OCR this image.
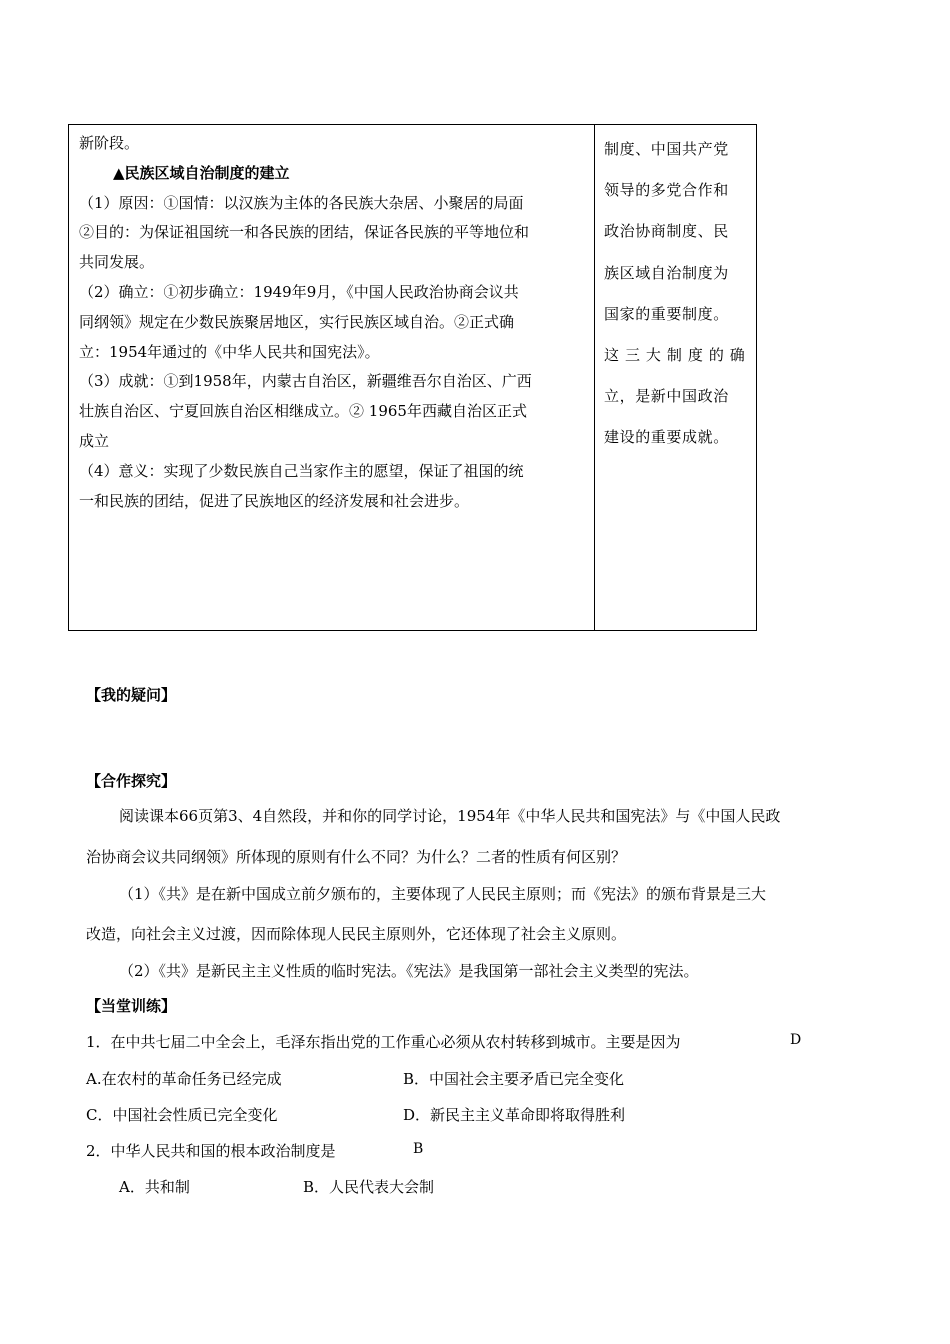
新阶段。
▲民族区域自治制度的建立
（1）原因：①国情：以汉族为主体的各民族大杂居、小聚居的局面
②目的：为保证祖国统一和各民族的团结，保证各民族的平等地位和
共同发展。
（2）确立：①初步确立：1949年9月，《中国人民政治协商会议共
同纲领》规定在少数民族聚居地区，实行民族区域自治。②正式确
立：1954年通过的《中华人民共和国宪法》。
（3）成就：①到1958年，内蒙古自治区，新疆维吾尔自治区、广西
壮族自治区、宁夏回族自治区相继成立。② 1965年西藏自治区正式
成立
（4）意义：实现了少数民族自己当家作主的愿望，保证了祖国的统
一和民族的团结，促进了民族地区的经济发展和社会进步。
制度、中国共产党
领导的多党合作和
政治协商制度、民
族区域自治制度为
国家的重要制度。
这 三 大 制 度 的 确
立，是新中国政治
建设的重要成就。
【我的疑问】
【合作探究】
阅读课本66页第3、4自然段，并和你的同学讨论，1954年《中华人民共和国宪法》与《中国人民政
治协商会议共同纲领》所体现的原则有什么不同？为什么？二者的性质有何区别？
（1）《共》是在新中国成立前夕颁布的，主要体现了人民民主原则；而《宪法》的颁布背景是三大
改造，向社会主义过渡，因而除体现人民民主原则外，它还体现了社会主义原则。
（2）《共》是新民主主义性质的临时宪法。《宪法》是我国第一部社会主义类型的宪法。
【当堂训练】
1．在中共七届二中全会上，毛泽东指出党的工作重心必须从农村转移到城市。主要是因为	D
A.在农村的革命任务已经完成	B．中国社会主要矛盾已完全变化
C．中国社会性质已完全变化	D．新民主主义革命即将取得胜利
2．中华人民共和国的根本政治制度是	B
A．共和制	B．人民代表大会制
